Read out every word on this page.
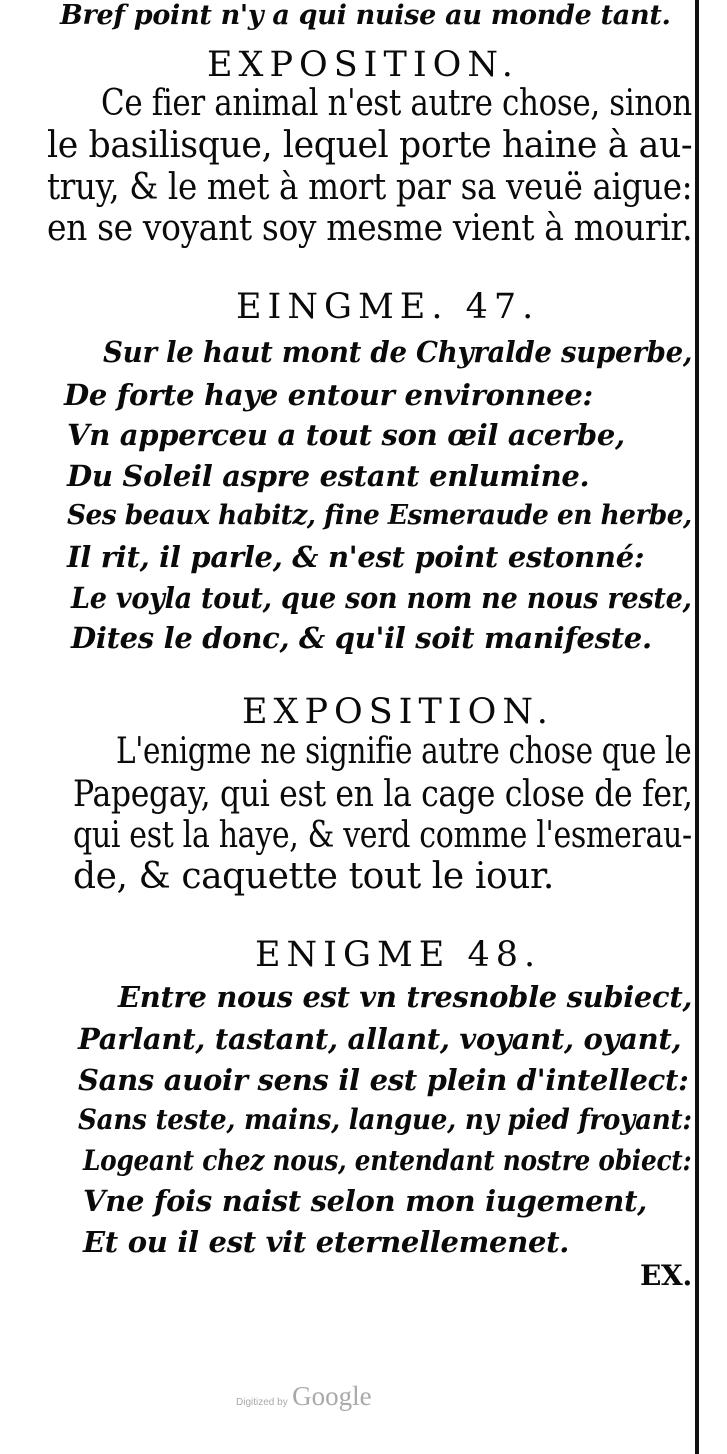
Bref point n'y a qui nuise au monde tant.
EXPOSITION.
Ce fier animal n'est autre chose, sinon
le basilisque, lequel porte haine à au-
truy, & le met à mort par sa veuë aigue:
en se voyant soy mesme vient à mourir.
EINGME. 47.
Sur le haut mont de Chyralde superbe,
De forte haye entour environnee:
Vn apperceu a tout son œil acerbe,
Du Soleil aspre estant enlumine.
Ses beaux habitz, fine Esmeraude en herbe,
Il rit, il parle, & n'est point estonné:
Le voyla tout, que son nom ne nous reste,
Dites le donc, & qu'il soit manifeste.
EXPOSITION.
L'enigme ne signifie autre chose que le
Papegay, qui est en la cage close de fer,
qui est la haye, & verd comme l'esmerau-
de, & caquette tout le iour.
ENIGME 48.
Entre nous est vn tresnoble subiect,
Parlant, tastant, allant, voyant, oyant,
Sans auoir sens il est plein d'intellect:
Sans teste, mains, langue, ny pied froyant:
Logeant chez nous, entendant nostre obiect:
Vne fois naist selon mon iugement,
Et ou il est vit eternellemenet.
EX.
Digitized by Google
